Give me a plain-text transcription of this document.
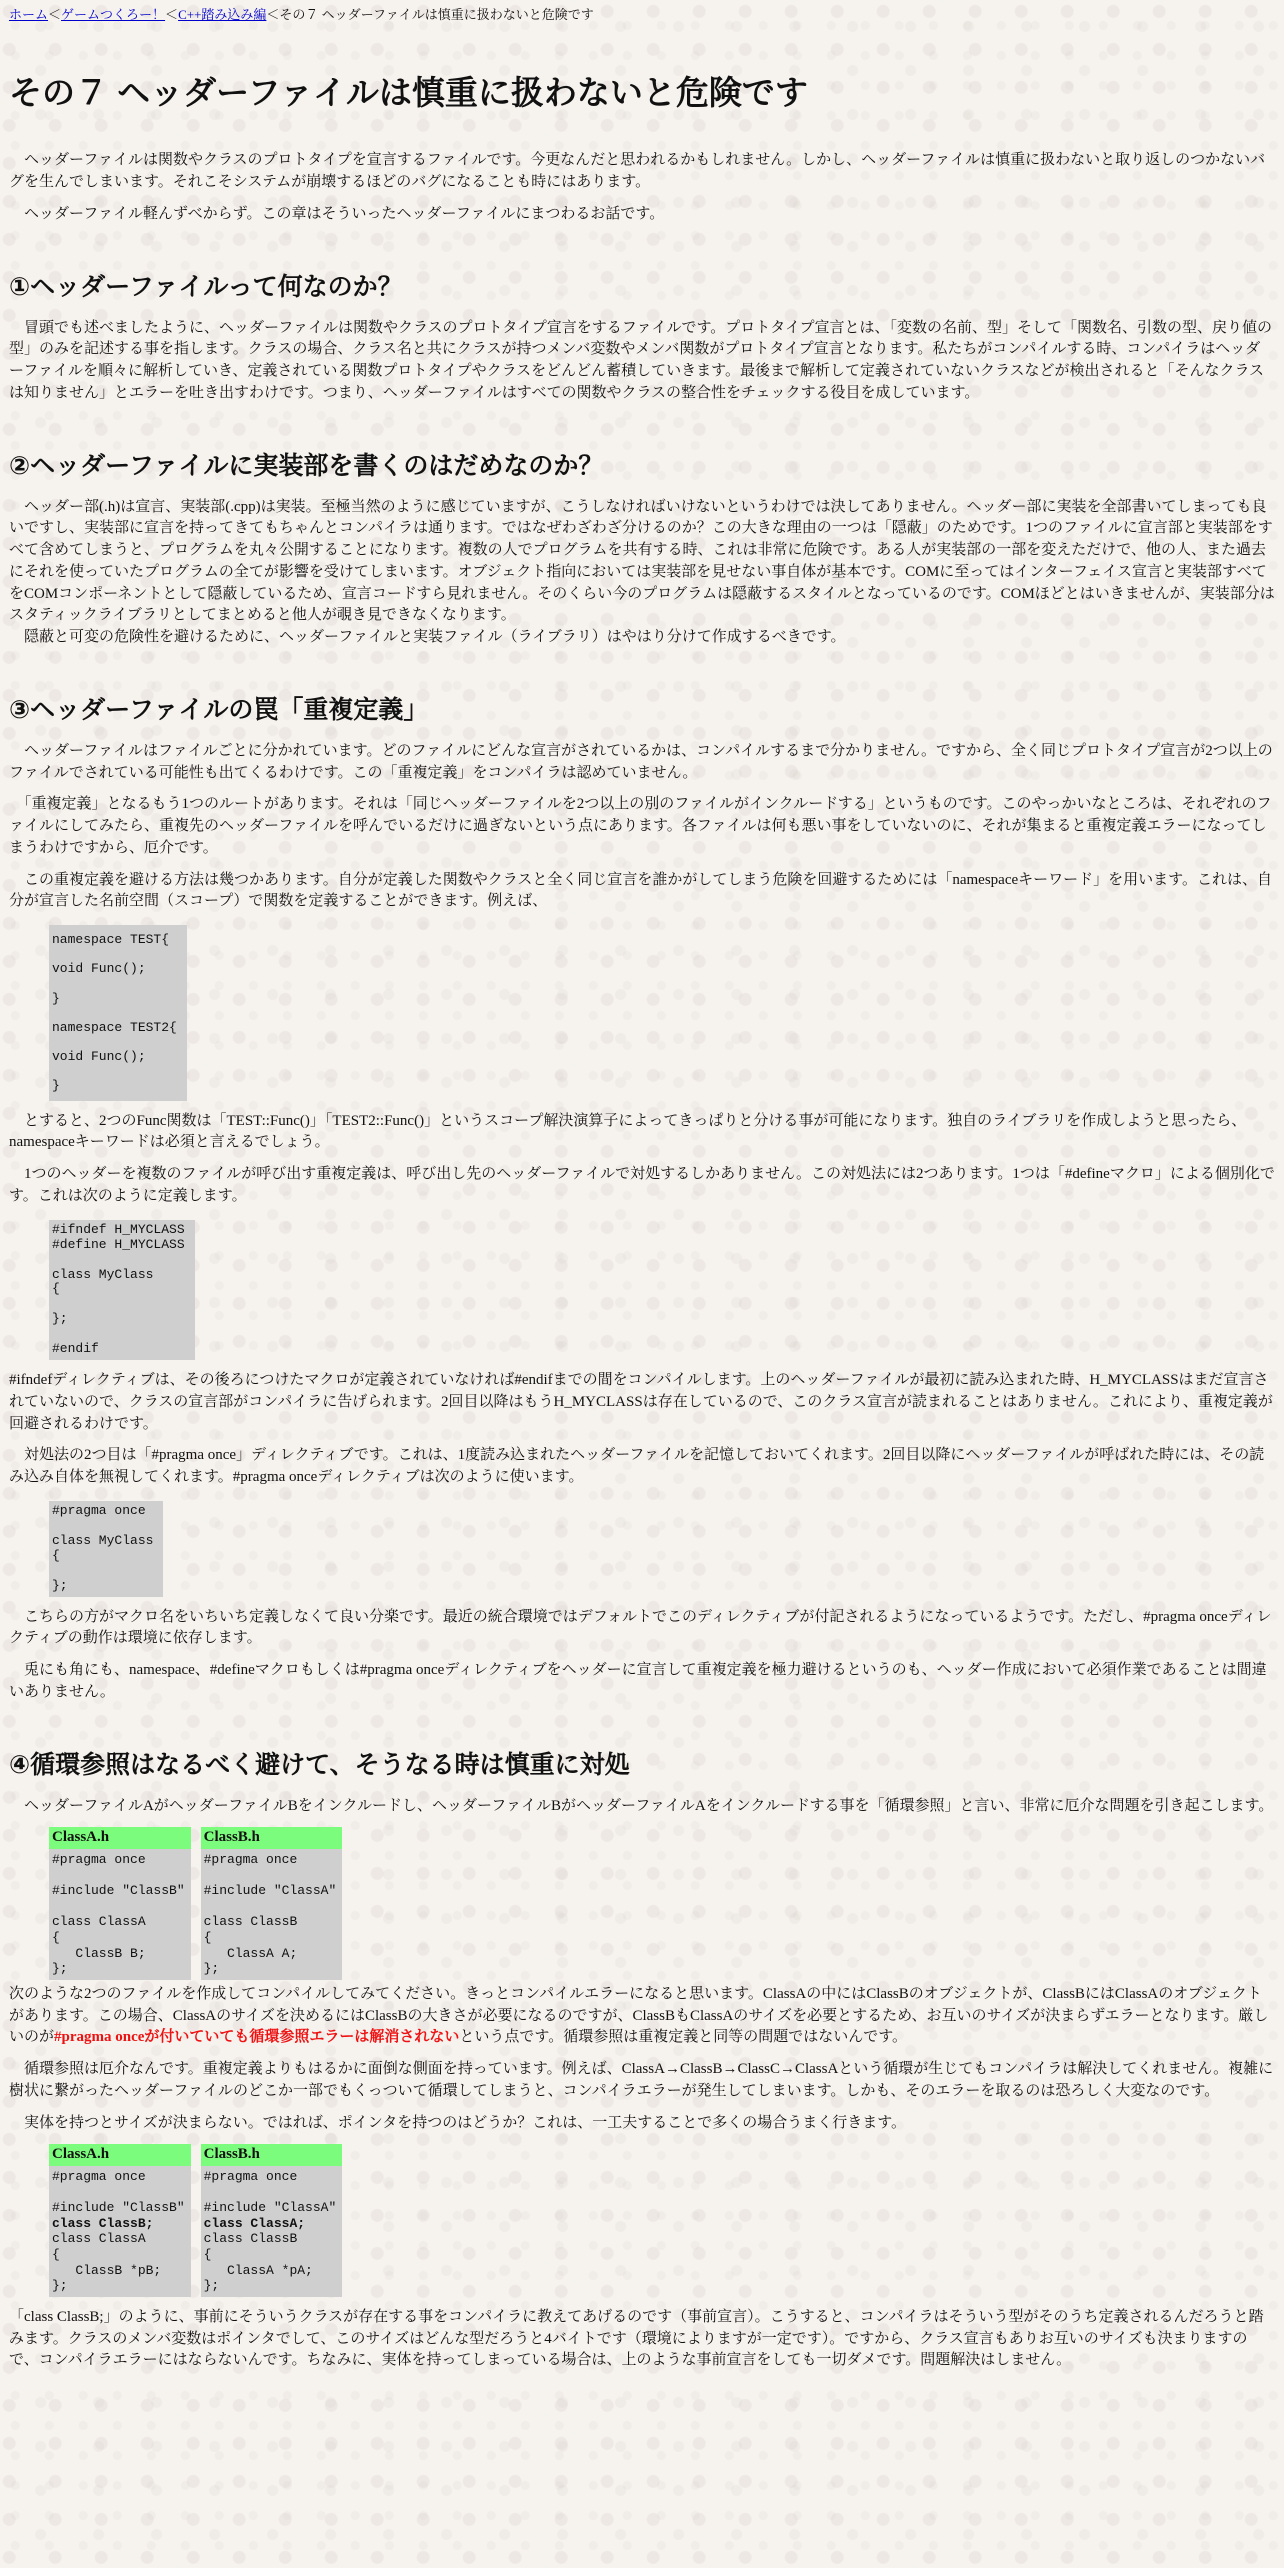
ホーム＜ゲームつくろー！＜C++踏み込み編＜その７ ヘッダーファイルは慎重に扱わないと危険です

その７ ヘッダーファイルは慎重に扱わないと危険です

　ヘッダーファイルは関数やクラスのプロトタイプを宣言するファイルです。今更なんだと思われるかもしれません。しかし、ヘッダーファイルは慎重に扱わないと取り返しのつかないバグを生んでしまいます。それこそシステムが崩壊するほどのバグになることも時にはあります。

　ヘッダーファイル軽んずべからず。この章はそういったヘッダーファイルにまつわるお話です。

①ヘッダーファイルって何なのか？

　冒頭でも述べましたように、ヘッダーファイルは関数やクラスのプロトタイプ宣言をするファイルです。プロトタイプ宣言とは、「変数の名前、型」そして「関数名、引数の型、戻り値の型」のみを記述する事を指します。クラスの場合、クラス名と共にクラスが持つメンバ変数やメンバ関数がプロトタイプ宣言となります。私たちがコンパイルする時、コンパイラはヘッダーファイルを順々に解析していき、定義されている関数プロトタイプやクラスをどんどん蓄積していきます。最後まで解析して定義されていないクラスなどが検出されると「そんなクラスは知りません」とエラーを吐き出すわけです。つまり、ヘッダーファイルはすべての関数やクラスの整合性をチェックする役目を成しています。

②ヘッダーファイルに実装部を書くのはだめなのか？

　ヘッダー部(.h)は宣言、実装部(.cpp)は実装。至極当然のように感じていますが、こうしなければいけないというわけでは決してありません。ヘッダー部に実装を全部書いてしまっても良いですし、実装部に宣言を持ってきてもちゃんとコンパイラは通ります。ではなぜわざわざ分けるのか？この大きな理由の一つは「隠蔽」のためです。1つのファイルに宣言部と実装部をすべて含めてしまうと、プログラムを丸々公開することになります。複数の人でプログラムを共有する時、これは非常に危険です。ある人が実装部の一部を変えただけで、他の人、また過去にそれを使っていたプログラムの全てが影響を受けてしまいます。オブジェクト指向においては実装部を見せない事自体が基本です。COMに至ってはインターフェイス宣言と実装部すべてをCOMコンポーネントとして隠蔽しているため、宣言コードすら見れません。そのくらい今のプログラムは隠蔽するスタイルとなっているのです。COMほどとはいきませんが、実装部分はスタティックライブラリとしてまとめると他人が覗き見できなくなります。

　隠蔽と可変の危険性を避けるために、ヘッダーファイルと実装ファイル（ライブラリ）はやはり分けて作成するべきです。

③ヘッダーファイルの罠「重複定義」

　ヘッダーファイルはファイルごとに分かれています。どのファイルにどんな宣言がされているかは、コンパイルするまで分かりません。ですから、全く同じプロトタイプ宣言が2つ以上のファイルでされている可能性も出てくるわけです。この「重複定義」をコンパイラは認めていません。

　「重複定義」となるもう1つのルートがあります。それは「同じヘッダーファイルを2つ以上の別のファイルがインクルードする」というものです。このやっかいなところは、それぞれのファイルにしてみたら、重複先のヘッダーファイルを呼んでいるだけに過ぎないという点にあります。各ファイルは何も悪い事をしていないのに、それが集まると重複定義エラーになってしまうわけですから、厄介です。

　この重複定義を避ける方法は幾つかあります。自分が定義した関数やクラスと全く同じ宣言を誰かがしてしまう危険を回避するためには「namespaceキーワード」を用います。これは、自分が宣言した名前空間（スコープ）で関数を定義することができます。例えば、

namespace TEST{
void Func();
}
namespace TEST2{
void Func();
}

　とすると、2つのFunc関数は「TEST::Func()」「TEST2::Func()」というスコープ解決演算子によってきっぱりと分ける事が可能になります。独自のライブラリを作成しようと思ったら、namespaceキーワードは必須と言えるでしょう。

　1つのヘッダーを複数のファイルが呼び出す重複定義は、呼び出し先のヘッダーファイルで対処するしかありません。この対処法には2つあります。1つは「#defineマクロ」による個別化です。これは次のように定義します。

#ifndef H_MYCLASS
#define H_MYCLASS

class MyClass
{

};

#endif

#ifndefディレクティブは、その後ろにつけたマクロが定義されていなければ#endifまでの間をコンパイルします。上のヘッダーファイルが最初に読み込まれた時、H_MYCLASSはまだ宣言されていないので、クラスの宣言部がコンパイラに告げられます。2回目以降はもうH_MYCLASSは存在しているので、このクラス宣言が読まれることはありません。これにより、重複定義が回避されるわけです。

　対処法の2つ目は「#pragma once」ディレクティブです。これは、1度読み込まれたヘッダーファイルを記憶しておいてくれます。2回目以降にヘッダーファイルが呼ばれた時には、その読み込み自体を無視してくれます。#pragma onceディレクティブは次のように使います。

#pragma once

class MyClass
{

};

　こちらの方がマクロ名をいちいち定義しなくて良い分楽です。最近の統合環境ではデフォルトでこのディレクティブが付記されるようになっているようです。ただし、#pragma onceディレクティブの動作は環境に依存します。

　兎にも角にも、namespace、#defineマクロもしくは#pragma onceディレクティブをヘッダーに宣言して重複定義を極力避けるというのも、ヘッダー作成において必須作業であることは間違いありません。

④循環参照はなるべく避けて、そうなる時は慎重に対処

　ヘッダーファイルAがヘッダーファイルBをインクルードし、ヘッダーファイルBがヘッダーファイルAをインクルードする事を「循環参照」と言い、非常に厄介な問題を引き起こします。

ClassA.h
#pragma once

#include "ClassB"

class ClassA
{
ClassB B;
};
ClassB.h
#pragma once

#include "ClassA"

class ClassB
{
ClassA A;
};

次のような2つのファイルを作成してコンパイルしてみてください。きっとコンパイルエラーになると思います。ClassAの中にはClassBのオブジェクトが、ClassBにはClassAのオブジェクトがあります。この場合、ClassAのサイズを決めるにはClassBの大きさが必要になるのですが、ClassBもClassAのサイズを必要とするため、お互いのサイズが決まらずエラーとなります。厳しいのが#pragma onceが付いていても循環参照エラーは解消されないという点です。循環参照は重複定義と同等の問題ではないんです。

　循環参照は厄介なんです。重複定義よりもはるかに面倒な側面を持っています。例えば、ClassA→ClassB→ClassC→ClassAという循環が生じてもコンパイラは解決してくれません。複雑に樹状に繋がったヘッダーファイルのどこか一部でもくっついて循環してしまうと、コンパイラエラーが発生してしまいます。しかも、そのエラーを取るのは恐ろしく大変なのです。

　実体を持つとサイズが決まらない。ではれば、ポインタを持つのはどうか？これは、一工夫することで多くの場合うまく行きます。

ClassA.h
#pragma once

#include "ClassB"
class ClassB;
class ClassA
{
ClassB *pB;
};
ClassB.h
#pragma once

#include "ClassA"
class ClassA;
class ClassB
{
ClassA *pA;
};

「class ClassB;」のように、事前にそういうクラスが存在する事をコンパイラに教えてあげるのです（事前宣言）。こうすると、コンパイラはそういう型がそのうち定義されるんだろうと踏みます。クラスのメンバ変数はポインタでして、このサイズはどんな型だろうと4バイトです（環境によりますが一定です）。ですから、クラス宣言もありお互いのサイズも決まりますので、コンパイラエラーにはならないんです。ちなみに、実体を持ってしまっている場合は、上のような事前宣言をしても一切ダメです。問題解決はしません。
